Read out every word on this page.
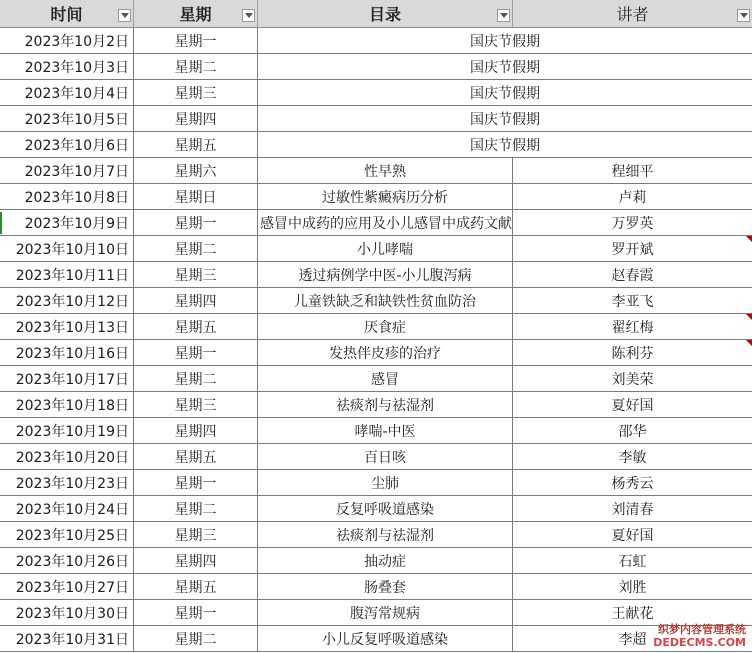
时间	星期	目录	讲者
2023年10月2日	星期一	国庆节假期
2023年10月3日	星期二	国庆节假期
2023年10月4日	星期三	国庆节假期
2023年10月5日	星期四	国庆节假期
2023年10月6日	星期五	国庆节假期
2023年10月7日	星期六	性早熟	程细平
2023年10月8日	星期日	过敏性紫癜病历分析	卢莉
2023年10月9日	星期一	感冒中成药的应用及小儿感冒中成药文献	万罗英
2023年10月10日	星期二	小儿哮喘	罗开斌
2023年10月11日	星期三	透过病例学中医-小儿腹泻病	赵春霞
2023年10月12日	星期四	儿童铁缺乏和缺铁性贫血防治	李亚飞
2023年10月13日	星期五	厌食症	翟红梅
2023年10月16日	星期一	发热伴皮疹的治疗	陈利芬
2023年10月17日	星期二	感冒	刘美荣
2023年10月18日	星期三	祛痰剂与祛湿剂	夏好国
2023年10月19日	星期四	哮喘-中医	邵华
2023年10月20日	星期五	百日咳	李敏
2023年10月23日	星期一	尘肺	杨秀云
2023年10月24日	星期二	反复呼吸道感染	刘清春
2023年10月25日	星期三	祛痰剂与祛湿剂	夏好国
2023年10月26日	星期四	抽动症	石虹
2023年10月27日	星期五	肠叠套	刘胜
2023年10月30日	星期一	腹泻常规病	王献花
2023年10月31日	星期二	小儿反复呼吸道感染	李超
织梦内容管理系统
DEDECMS.COM
